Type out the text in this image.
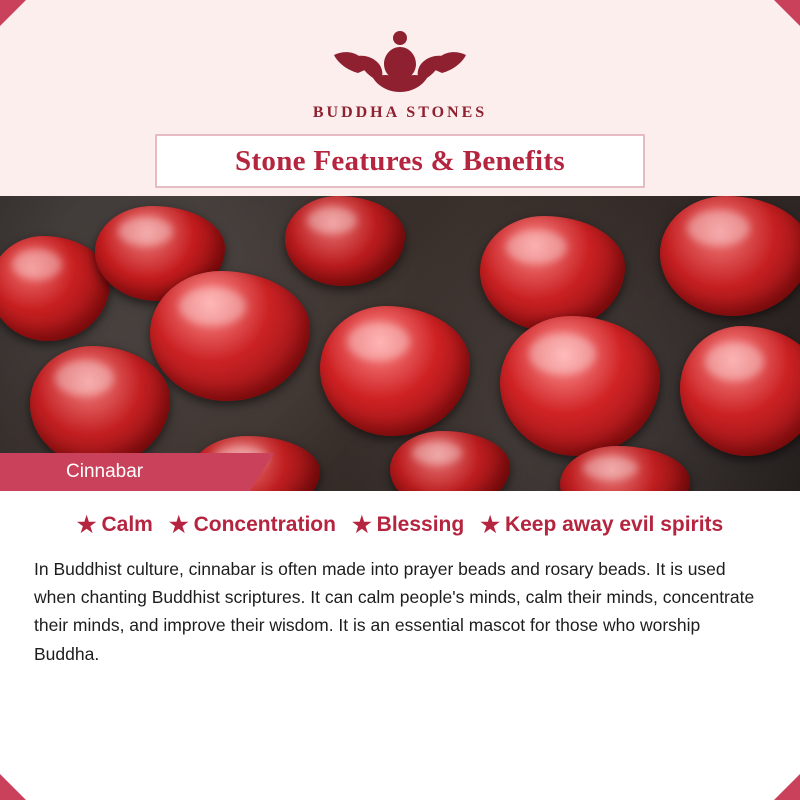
BUDDHA STONES
Stone Features & Benefits
Cinnabar
★ Calm ★ Concentration ★ Blessing ★ Keep away evil spirits

In Buddhist culture, cinnabar is often made into prayer beads and rosary beads. It is used when chanting Buddhist scriptures. It can calm people's minds, calm their minds, concentrate their minds, and improve their wisdom. It is an essential mascot for those who worship Buddha.
